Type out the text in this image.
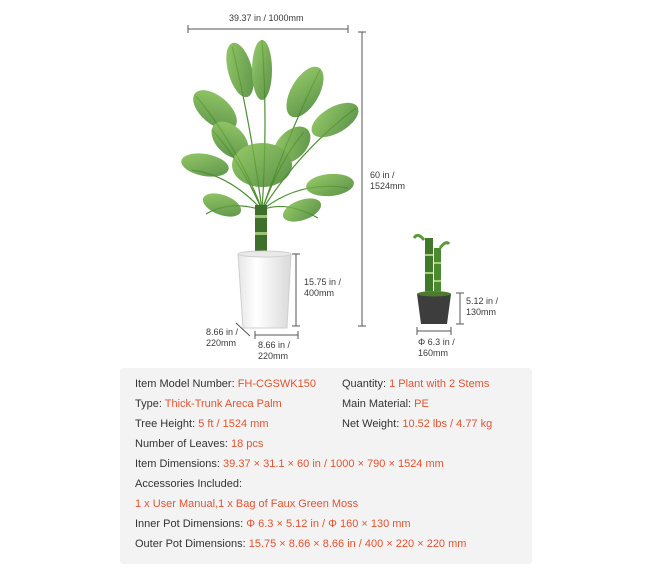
39.37 in / 1000mm
60 in /
1524mm
15.75 in /
400mm
8.66 in /
220mm 8.66 in /
220mm
5.12 in /
130mm
Φ 6.3 in /
160mm
Item Model Number: FH-CGSWK150 Quantity: 1 Plant with 2 Stems
Type: Thick-Trunk Areca Palm	Main Material: PE
Tree Height: 5 ft / 1524 mm	Net Weight: 10.52 lbs / 4.77 kg
Number of Leaves: 18 pcs
Item Dimensions: 39.37 × 31.1 × 60 in / 1000 × 790 × 1524 mm
Accessories Included:
1 x User Manual,1 x Bag of Faux Green Moss
Inner Pot Dimensions: Φ 6.3 × 5.12 in / Φ 160 × 130 mm
Outer Pot Dimensions: 15.75 × 8.66 × 8.66 in / 400 × 220 × 220 mm
